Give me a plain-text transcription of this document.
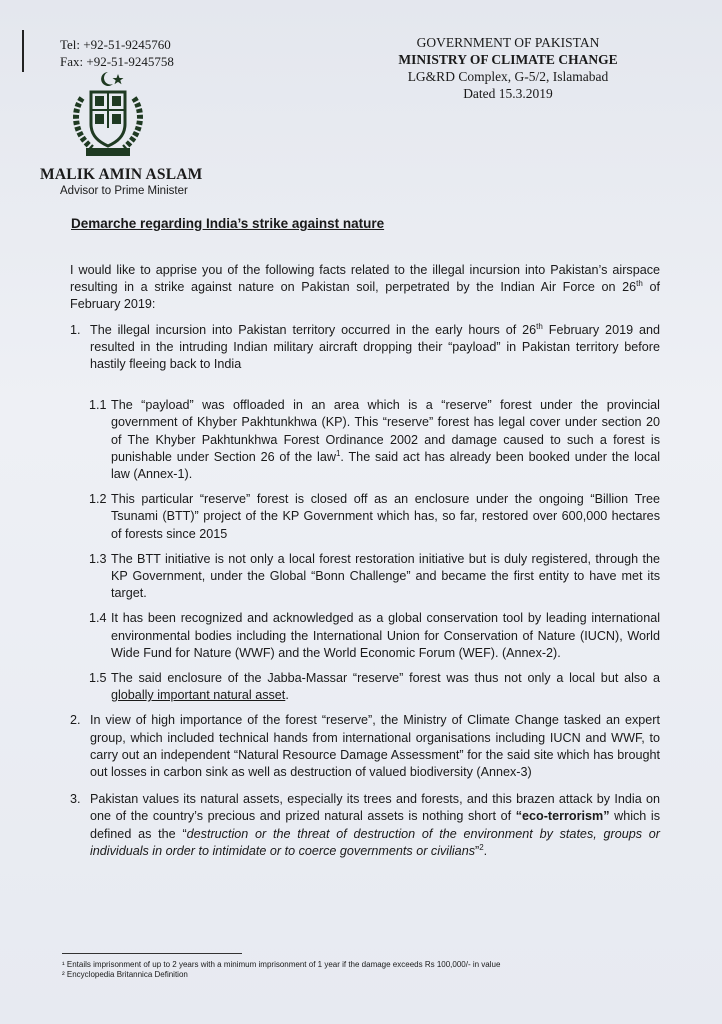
Tel: +92-51-9245760
Fax: +92-51-9245758
GOVERNMENT OF PAKISTAN
MINISTRY OF CLIMATE CHANGE
LG&RD Complex, G-5/2, Islamabad
Dated 15.3.2019
MALIK AMIN ASLAM
Advisor to Prime Minister
Demarche regarding India’s strike against nature

I would like to apprise you of the following facts related to the illegal incursion into Pakistan’s airspace resulting in a strike against nature on Pakistan soil, perpetrated by the Indian Air Force on 26th of February 2019:

1. The illegal incursion into Pakistan territory occurred in the early hours of 26th February 2019 and resulted in the intruding Indian military aircraft dropping their “payload” in Pakistan territory before hastily fleeing back to India
1.1 The “payload” was offloaded in an area which is a “reserve” forest under the provincial government of Khyber Pakhtunkhwa (KP). This “reserve” forest has legal cover under section 20 of The Khyber Pakhtunkhwa Forest Ordinance 2002 and damage caused to such a forest is punishable under Section 26 of the law$^1$. The said act has already been booked under the local law (Annex-1).
1.2 This particular “reserve” forest is closed off as an enclosure under the ongoing “Billion Tree Tsunami (BTT)” project of the KP Government which has, so far, restored over 600,000 hectares of forests since 2015
1.3 The BTT initiative is not only a local forest restoration initiative but is duly registered, through the KP Government, under the Global “Bonn Challenge” and became the first entity to have met its target.
1.4 It has been recognized and acknowledged as a global conservation tool by leading international environmental bodies including the International Union for Conservation of Nature (IUCN), World Wide Fund for Nature (WWF) and the World Economic Forum (WEF). (Annex-2).
1.5 The said enclosure of the Jabba-Massar “reserve” forest was thus not only a local but also a globally important natural asset.
2. In view of high importance of the forest “reserve”, the Ministry of Climate Change tasked an expert group, which included technical hands from international organisations including IUCN and WWF, to carry out an independent “Natural Resource Damage Assessment” for the said site which has brought out losses in carbon sink as well as destruction of valued biodiversity (Annex-3)
3. Pakistan values its natural assets, especially its trees and forests, and this brazen attack by India on one of the country’s precious and prized natural assets is nothing short of “eco-terrorism” which is defined as the “destruction or the threat of destruction of the environment by states, groups or individuals in order to intimidate or to coerce governments or civilians”$^2$.
¹ Entails imprisonment of up to 2 years with a minimum imprisonment of 1 year if the damage exceeds Rs 100,000/- in value
² Encyclopedia Britannica Definition
